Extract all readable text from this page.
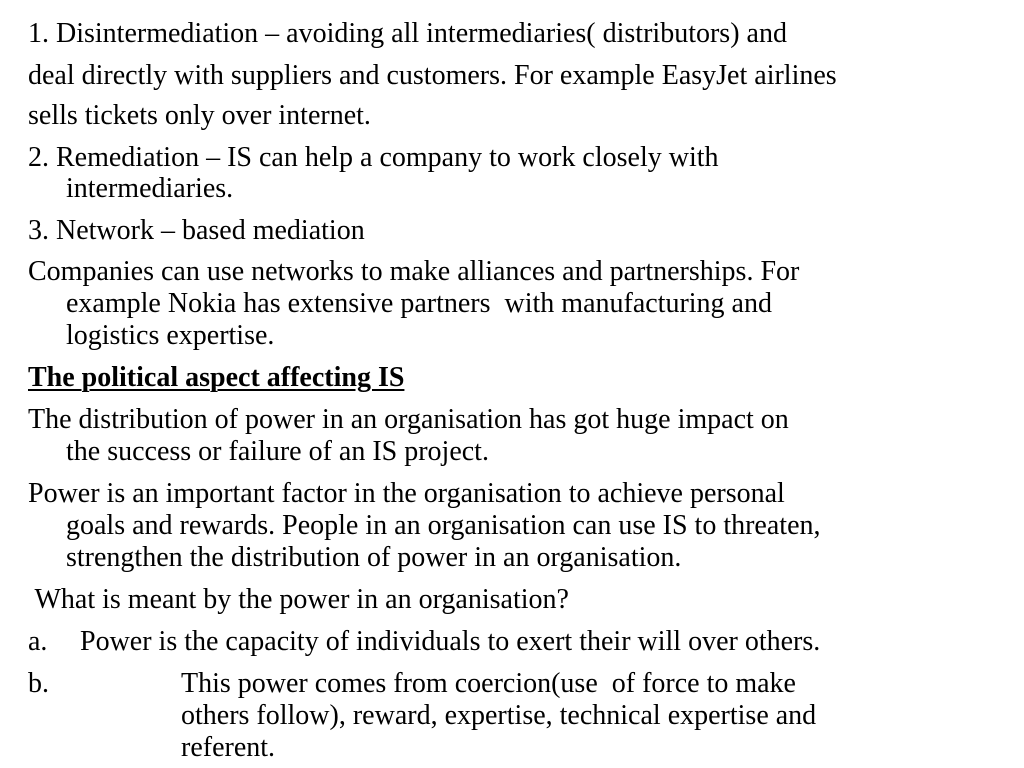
1. Disintermediation – avoiding all intermediaries( distributors) and
deal directly with suppliers and customers. For example EasyJet airlines
sells tickets only over internet.
2. Remediation – IS can help a company to work closely with
intermediaries.
3. Network – based mediation
Companies can use networks to make alliances and partnerships. For
example Nokia has extensive partners  with manufacturing and
logistics expertise.
The political aspect affecting IS
The distribution of power in an organisation has got huge impact on
the success or failure of an IS project.
Power is an important factor in the organisation to achieve personal
goals and rewards. People in an organisation can use IS to threaten,
strengthen the distribution of power in an organisation.
What is meant by the power in an organisation?
a. Power is the capacity of individuals to exert their will over others.
b.	This power comes from coercion(use  of force to make
others follow), reward, expertise, technical expertise and
referent.
